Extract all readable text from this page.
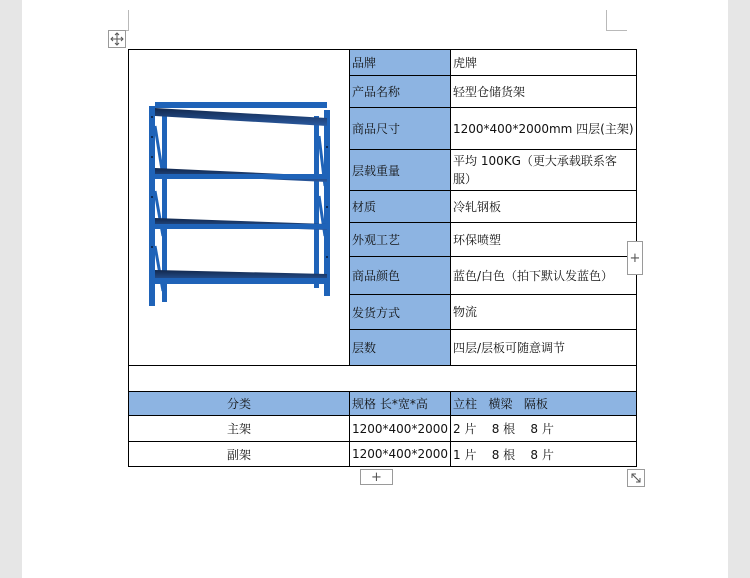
	品牌	虎牌
	产品名称	轻型仓储货架
	商品尺寸	1200*400*2000mm 四层(主架)
	层载重量	平均 100KG（更大承载联系客服）
	材质	冷轧钢板
	外观工艺	环保喷塑
	商品颜色	蓝色/白色（拍下默认发蓝色）
	发货方式	物流
	层数	四层/层板可随意调节

分类	规格 长*宽*高	立柱   横梁   隔板
主架	1200*400*2000	2 片    8 根    8 片
副架	1200*400*2000	1 片    8 根    8 片
+
+
